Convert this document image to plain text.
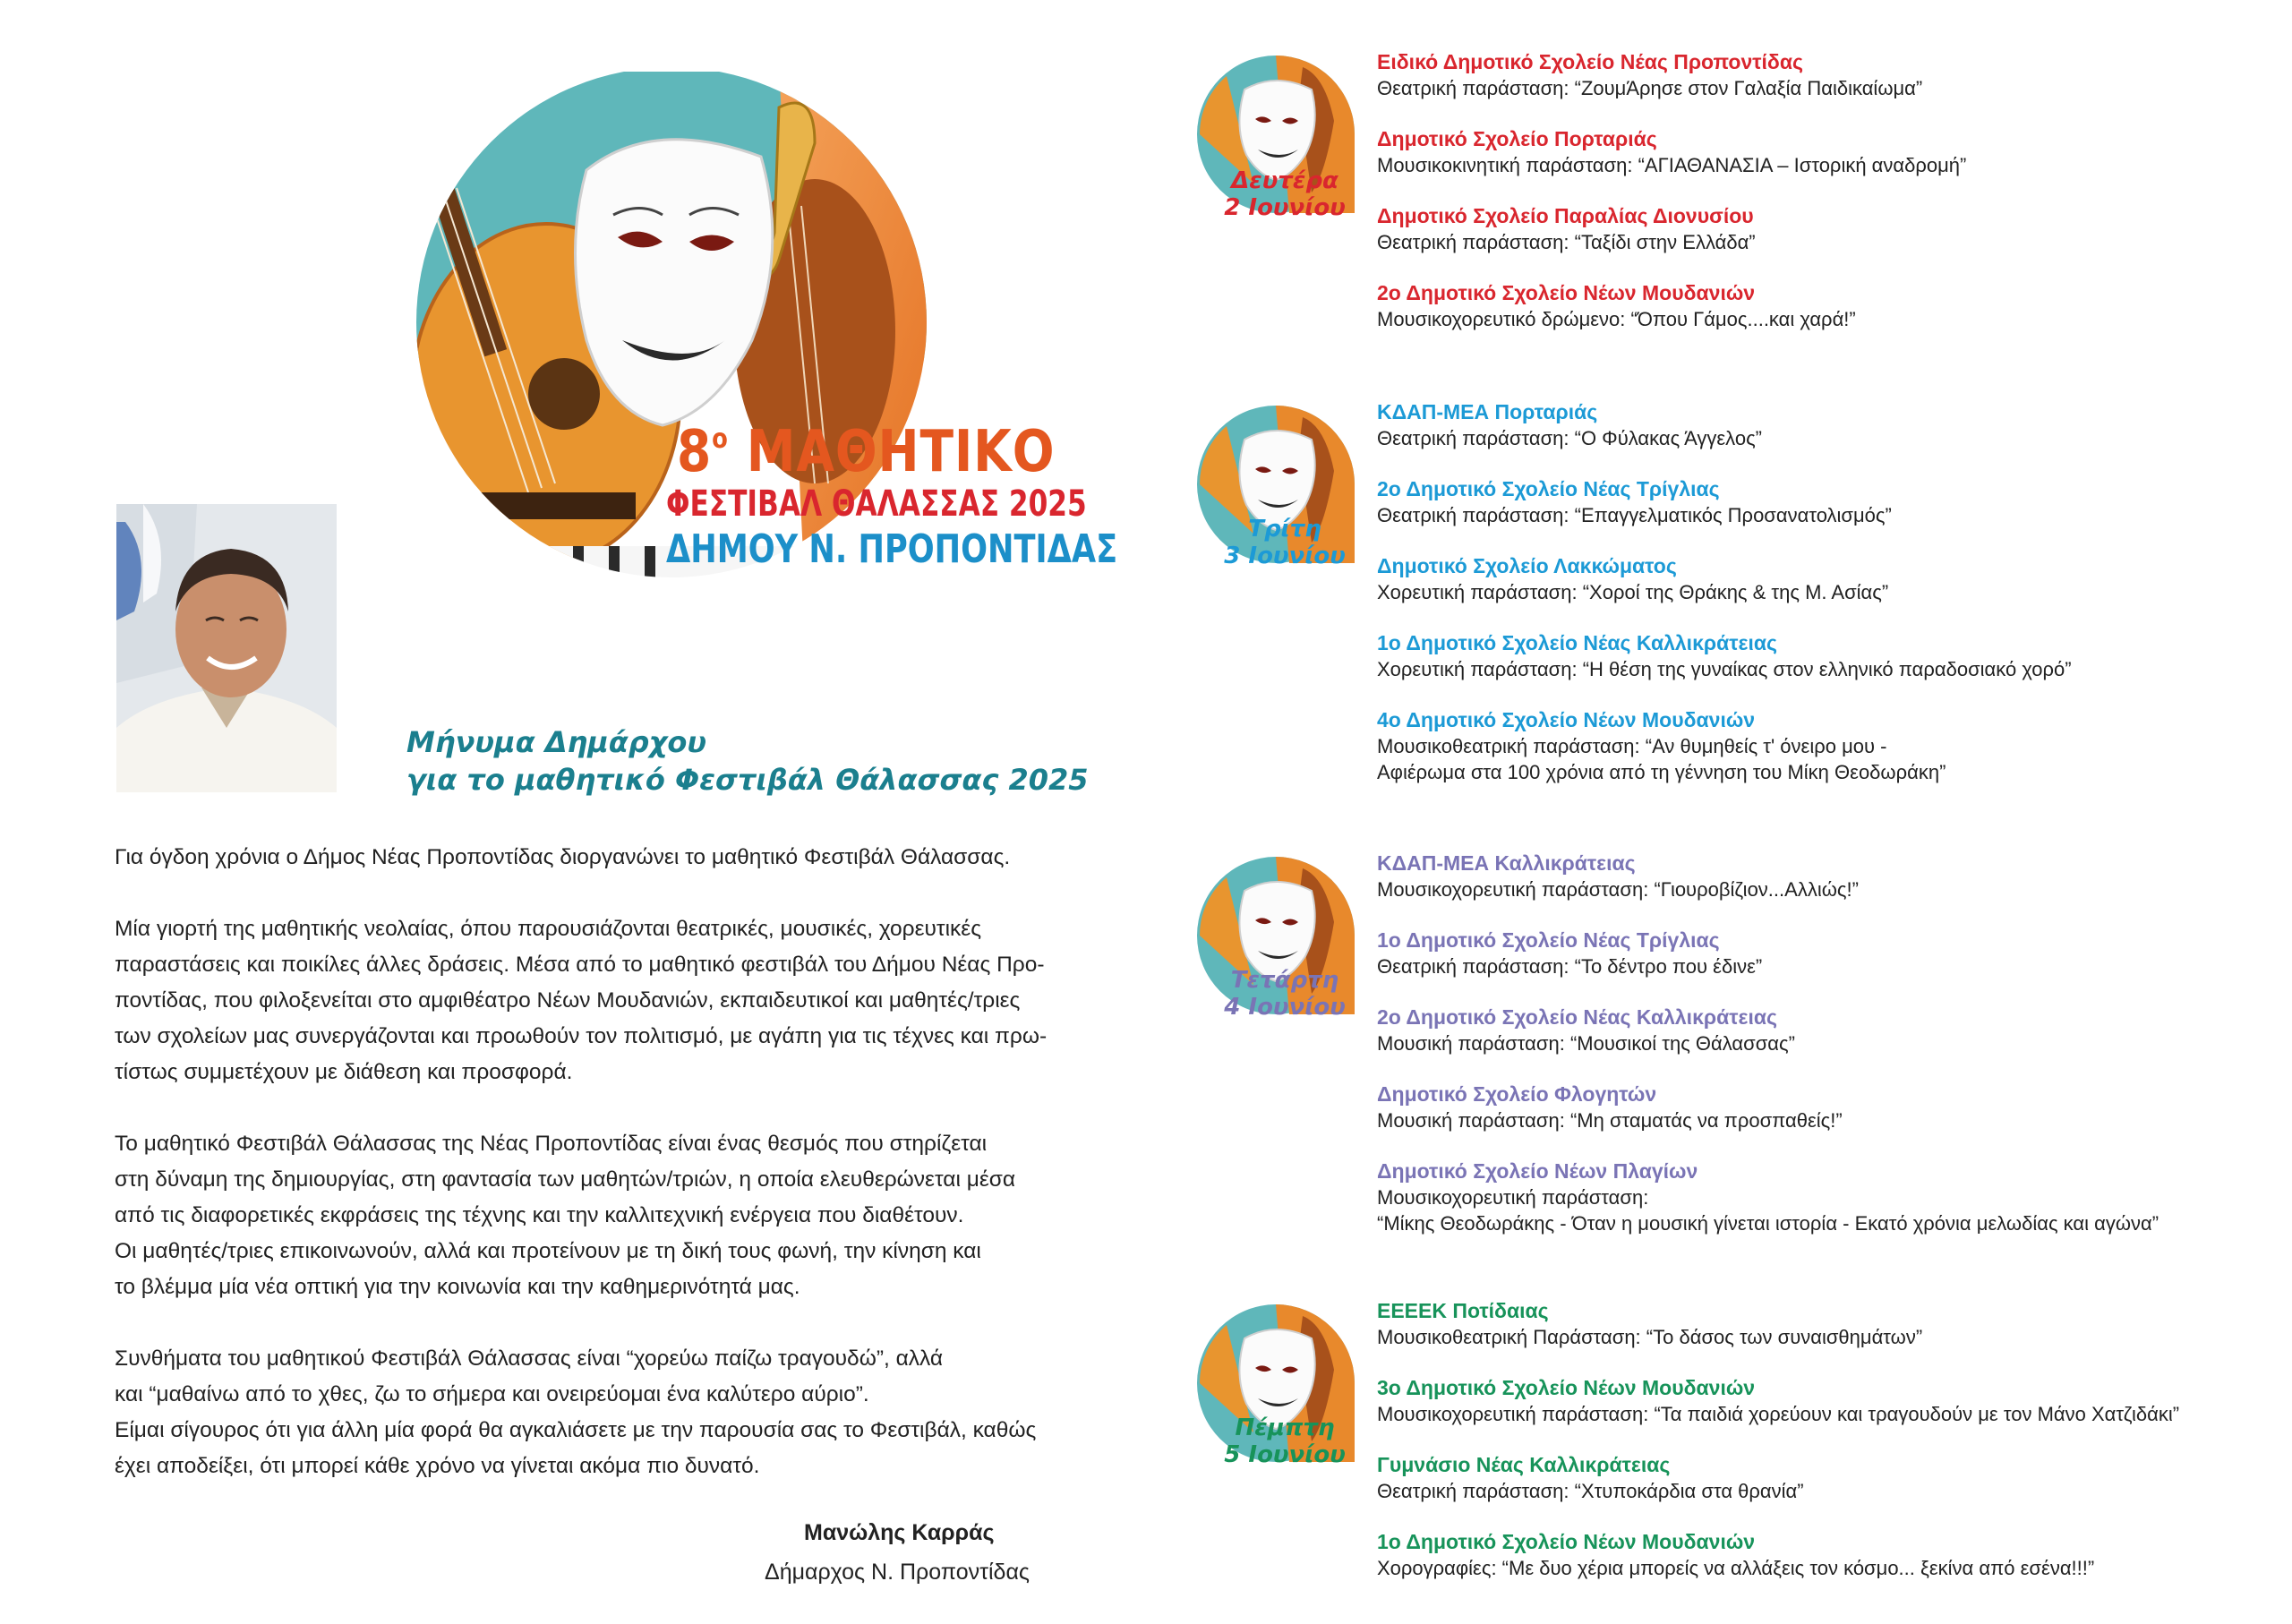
$8^o$ ΜΑΘΗΤΙΚΟ
ΦΕΣΤΙΒΑΛ ΘΑΛΑΣΣΑΣ 2025
ΔΗΜΟΥ Ν. ΠΡΟΠΟΝΤΙΔΑΣ
Μήνυμα Δημάρχου
για το μαθητικό Φεστιβάλ Θάλασσας 2025
Για όγδοη χρόνια ο Δήμος Νέας Προποντίδας διοργανώνει το μαθητικό Φεστιβάλ Θάλασσας.
Μία γιορτή της μαθητικής νεολαίας, όπου παρουσιάζονται θεατρικές, μουσικές, χορευτικές
παραστάσεις και ποικίλες άλλες δράσεις. Μέσα από το μαθητικό φεστιβάλ του Δήμου Νέας Προ-
ποντίδας, που φιλοξενείται στο αμφιθέατρο Νέων Μουδανιών, εκπαιδευτικοί και μαθητές/τριες
των σχολείων μας συνεργάζονται και προωθούν τον πολιτισμό, με αγάπη για τις τέχνες και πρω-
τίστως συμμετέχουν με διάθεση και προσφορά.
Το μαθητικό Φεστιβάλ Θάλασσας της Νέας Προποντίδας είναι ένας θεσμός που στηρίζεται
στη δύναμη της δημιουργίας, στη φαντασία των μαθητών/τριών, η οποία ελευθερώνεται μέσα
από τις διαφορετικές εκφράσεις της τέχνης και την καλλιτεχνική ενέργεια που διαθέτουν.
Οι μαθητές/τριες επικοινωνούν, αλλά και προτείνουν με τη δική τους φωνή, την κίνηση και
το βλέμμα μία νέα οπτική για την κοινωνία και την καθημερινότητά μας.
Συνθήματα του μαθητικού Φεστιβάλ Θάλασσας είναι “χορεύω παίζω τραγουδώ”, αλλά
και “μαθαίνω από το χθες, ζω το σήμερα και ονειρεύομαι ένα καλύτερο αύριο”.
Είμαι σίγουρος ότι για άλλη μία φορά θα αγκαλιάσετε με την παρουσία σας το Φεστιβάλ, καθώς
έχει αποδείξει, ότι μπορεί κάθε χρόνο να γίνεται ακόμα πιο δυνατό.
Μανώλης Καρράς
Δήμαρχος Ν. Προποντίδας
Δευτέρα
2 Ιουνίου
Ειδικό Δημοτικό Σχολείο Νέας Προποντίδας
Θεατρική παράσταση: “ΖουμΆρησε στον Γαλαξία Παιδικαίωμα”
Δημοτικό Σχολείο Πορταριάς
Μουσικοκινητική παράσταση: “ΑΓΙΑΘΑΝΑΣΙΑ – Ιστορική αναδρομή”
Δημοτικό Σχολείο Παραλίας Διονυσίου
Θεατρική παράσταση: “Ταξίδι στην Ελλάδα”
2ο Δημοτικό Σχολείο Νέων Μουδανιών
Μουσικοχορευτικό δρώμενο: “Όπου Γάμος....και χαρά!”
Τρίτη
3 Ιουνίου
ΚΔΑΠ-ΜΕΑ Πορταριάς
Θεατρική παράσταση: “Ο Φύλακας Άγγελος”
2ο Δημοτικό Σχολείο Νέας Τρίγλιας
Θεατρική παράσταση: “Επαγγελματικός Προσανατολισμός”
Δημοτικό Σχολείο Λακκώματος
Χορευτική παράσταση: “Χοροί της Θράκης & της Μ. Ασίας”
1ο Δημοτικό Σχολείο Νέας Καλλικράτειας
Χορευτική παράσταση: “Η θέση της γυναίκας στον ελληνικό παραδοσιακό χορό”
4ο Δημοτικό Σχολείο Νέων Μουδανιών
Μουσικοθεατρική παράσταση: “Αν θυμηθείς τ' όνειρο μου -
Αφιέρωμα στα 100 χρόνια από τη γέννηση του Μίκη Θεοδωράκη”
Τετάρτη
4 Ιουνίου
ΚΔΑΠ-ΜΕΑ Καλλικράτειας
Μουσικοχορευτική παράσταση: “Γιουροβίζιον...Αλλιώς!”
1ο Δημοτικό Σχολείο Νέας Τρίγλιας
Θεατρική παράσταση: “Το δέντρο που έδινε”
2ο Δημοτικό Σχολείο Νέας Καλλικράτειας
Μουσική παράσταση: “Μουσικοί της Θάλασσας”
Δημοτικό Σχολείο Φλογητών
Μουσική παράσταση: “Μη σταματάς να προσπαθείς!”
Δημοτικό Σχολείο Νέων Πλαγίων
Μουσικοχορευτική παράσταση:
“Μίκης Θεοδωράκης - Όταν η μουσική γίνεται ιστορία - Εκατό χρόνια μελωδίας και αγώνα”
Πέμπτη
5 Ιουνίου
ΕΕΕΕΚ Ποτίδαιας
Μουσικοθεατρική Παράσταση: “Το δάσος των συναισθημάτων”
3ο Δημοτικό Σχολείο Νέων Μουδανιών
Μουσικοχορευτική παράσταση: “Τα παιδιά χορεύουν και τραγουδούν με τον Μάνο Χατζιδάκι”
Γυμνάσιο Νέας Καλλικράτειας
Θεατρική παράσταση: “Χτυποκάρδια στα θρανία”
1ο Δημοτικό Σχολείο Νέων Μουδανιών
Χορογραφίες: “Με δυο χέρια μπορείς να αλλάξεις τον κόσμο... ξεκίνα από εσένα!!!”
